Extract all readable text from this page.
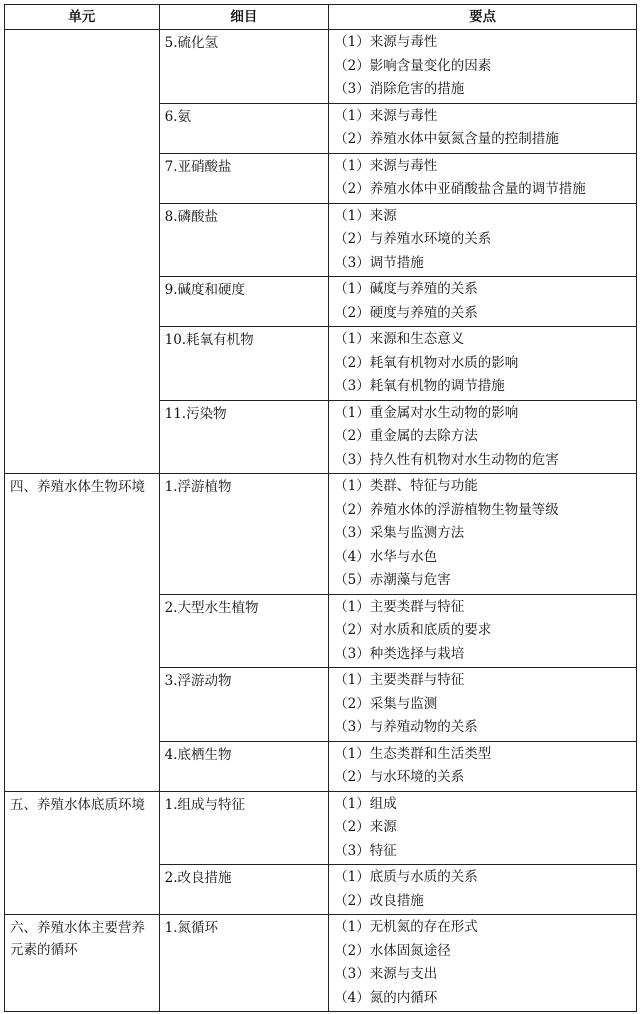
单元	细目	要点
	5.硫化氢	（1）来源与毒性
（2）影响含量变化的因素
（3）消除危害的措施

	6.氨	（1）来源与毒性
（2）养殖水体中氨氮含量的控制措施

	7.亚硝酸盐	（1）来源与毒性
（2）养殖水体中亚硝酸盐含量的调节措施

	8.磷酸盐	（1）来源
（2）与养殖水环境的关系
（3）调节措施

	9.碱度和硬度	（1）碱度与养殖的关系
（2）硬度与养殖的关系

	10.耗氧有机物	（1）来源和生态意义
（2）耗氧有机物对水质的影响
（3）耗氧有机物的调节措施

	11.污染物	（1）重金属对水生动物的影响
（2）重金属的去除方法
（3）持久性有机物对水生动物的危害

四、养殖水体生物环境	1.浮游植物	（1）类群、特征与功能
（2）养殖水体的浮游植物生物量等级
（3）采集与监测方法
（4）水华与水色
（5）赤潮藻与危害

	2.大型水生植物	（1）主要类群与特征
（2）对水质和底质的要求
（3）种类选择与栽培

	3.浮游动物	（1）主要类群与特征
（2）采集与监测
（3）与养殖动物的关系

	4.底栖生物	（1）生态类群和生活类型
（2）与水环境的关系

五、养殖水体底质环境	1.组成与特征	（1）组成
（2）来源
（3）特征

	2.改良措施	（1）底质与水质的关系
（2）改良措施

六、养殖水体主要营养元素的循环	1.氮循环	（1）无机氮的存在形式
（2）水体固氮途径
（3）来源与支出
（4）氮的内循环
